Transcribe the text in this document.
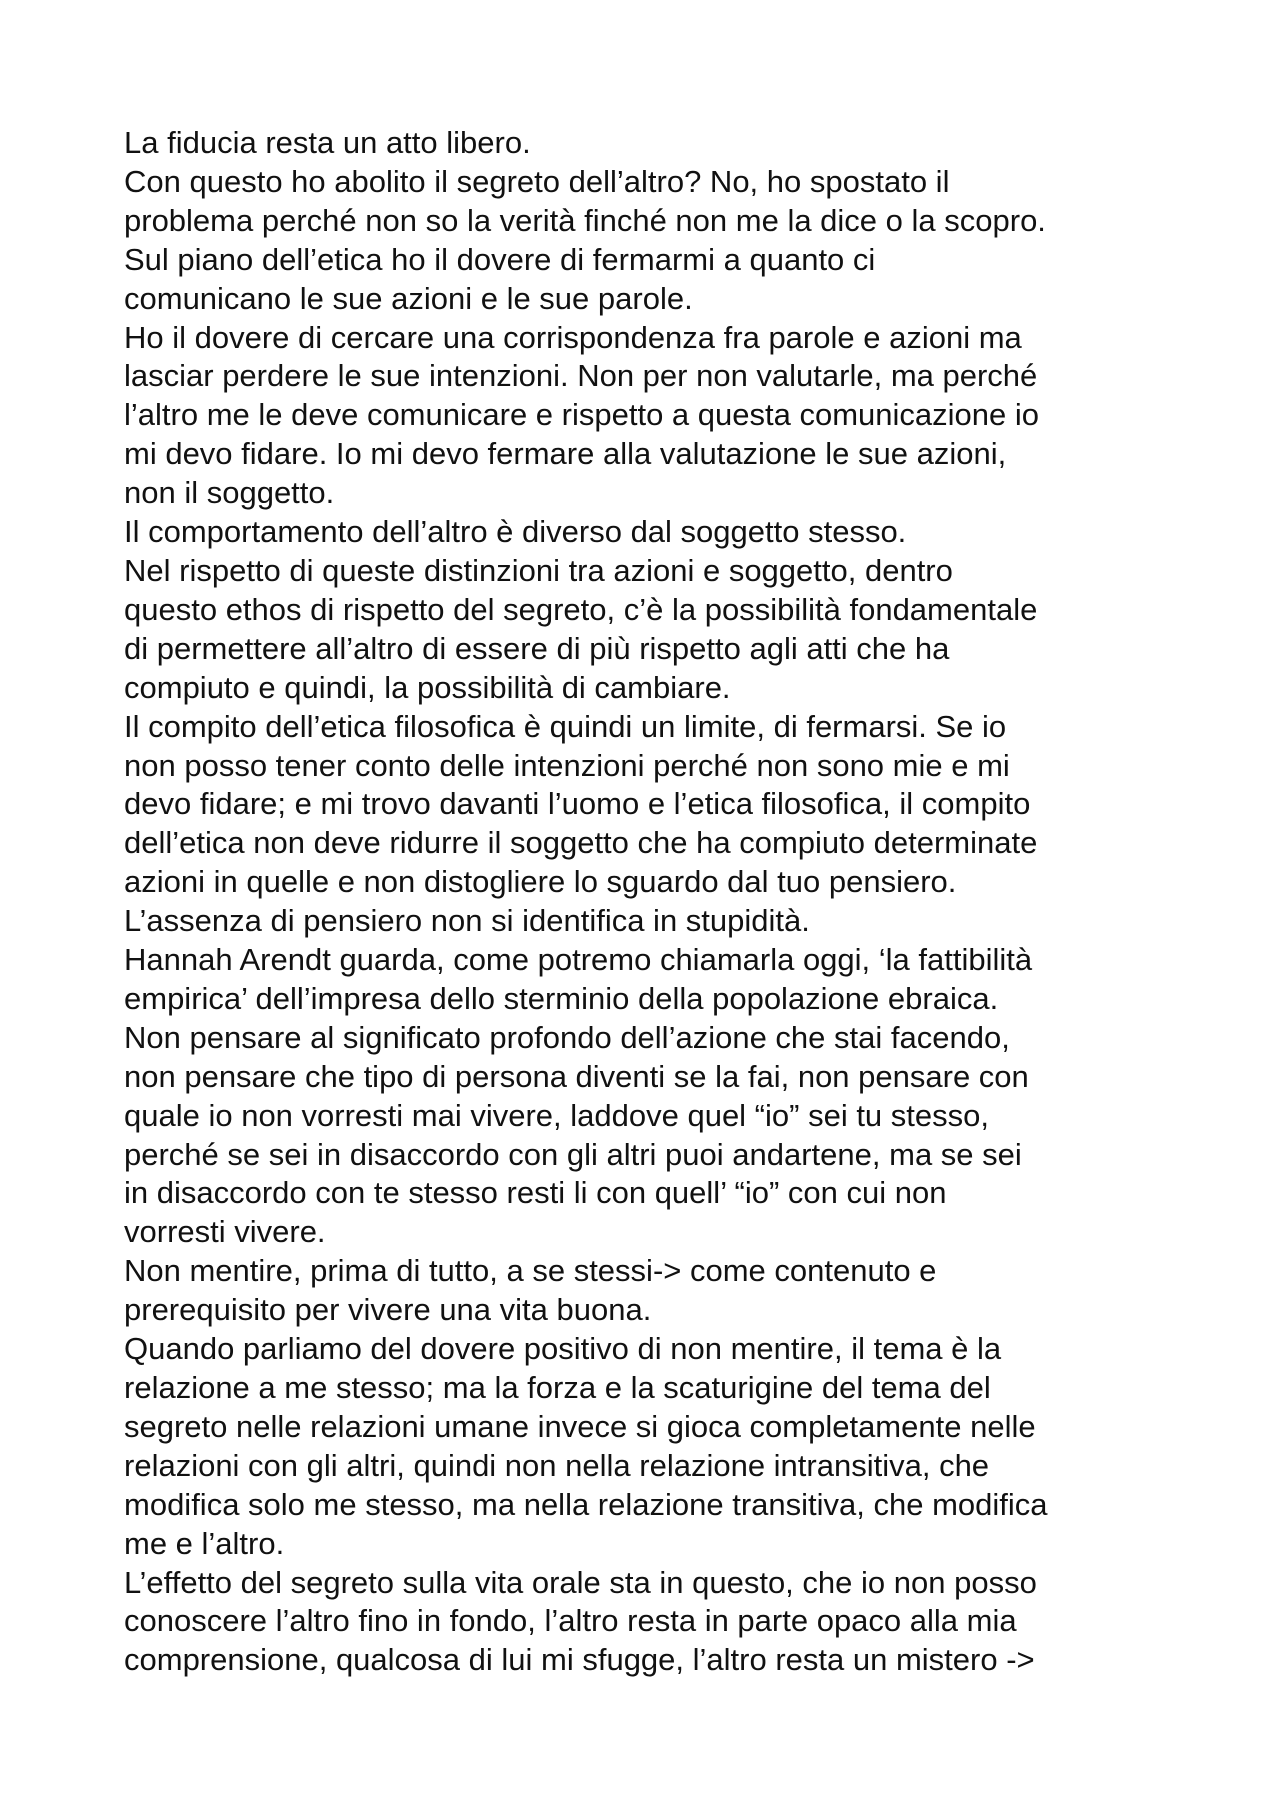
La fiducia resta un atto libero.
Con questo ho abolito il segreto dell’altro? No, ho spostato il
problema perché non so la verità finché non me la dice o la scopro.
Sul piano dell’etica ho il dovere di fermarmi a quanto ci
comunicano le sue azioni e le sue parole.
Ho il dovere di cercare una corrispondenza fra parole e azioni ma
lasciar perdere le sue intenzioni. Non per non valutarle, ma perché
l’altro me le deve comunicare e rispetto a questa comunicazione io
mi devo fidare. Io mi devo fermare alla valutazione le sue azioni,
non il soggetto.
Il comportamento dell’altro è diverso dal soggetto stesso.
Nel rispetto di queste distinzioni tra azioni e soggetto, dentro
questo ethos di rispetto del segreto, c’è la possibilità fondamentale
di permettere all’altro di essere di più rispetto agli atti che ha
compiuto e quindi, la possibilità di cambiare.
Il compito dell’etica filosofica è quindi un limite, di fermarsi. Se io
non posso tener conto delle intenzioni perché non sono mie e mi
devo fidare; e mi trovo davanti l’uomo e l’etica filosofica, il compito
dell’etica non deve ridurre il soggetto che ha compiuto determinate
azioni in quelle e non distogliere lo sguardo dal tuo pensiero.
L’assenza di pensiero non si identifica in stupidità.
Hannah Arendt guarda, come potremo chiamarla oggi, ‘la fattibilità
empirica’ dell’impresa dello sterminio della popolazione ebraica.
Non pensare al significato profondo dell’azione che stai facendo,
non pensare che tipo di persona diventi se la fai, non pensare con
quale io non vorresti mai vivere, laddove quel “io” sei tu stesso,
perché se sei in disaccordo con gli altri puoi andartene, ma se sei
in disaccordo con te stesso resti li con quell’ “io” con cui non
vorresti vivere.
Non mentire, prima di tutto, a se stessi-> come contenuto e
prerequisito per vivere una vita buona.
Quando parliamo del dovere positivo di non mentire, il tema è la
relazione a me stesso; ma la forza e la scaturigine del tema del
segreto nelle relazioni umane invece si gioca completamente nelle
relazioni con gli altri, quindi non nella relazione intransitiva, che
modifica solo me stesso, ma nella relazione transitiva, che modifica
me e l’altro.
L’effetto del segreto sulla vita orale sta in questo, che io non posso
conoscere l’altro fino in fondo, l’altro resta in parte opaco alla mia
comprensione, qualcosa di lui mi sfugge, l’altro resta un mistero ->
